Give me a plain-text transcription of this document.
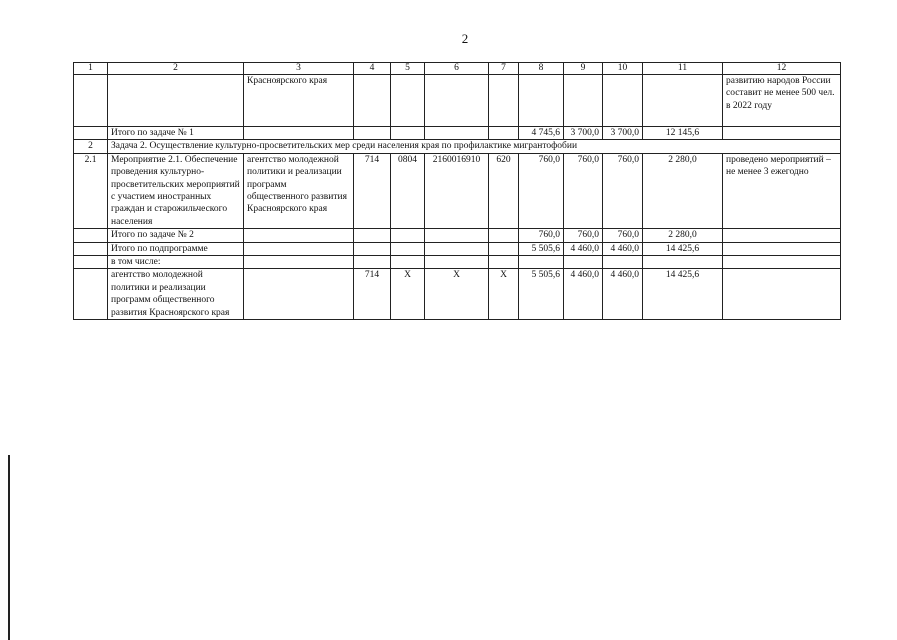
2
1	2	3	4	5	6	7	8	9	10	11	12
		Красноярского края									развитию народов России составит не менее 500 чел. в 2022 году
	Итого по задаче № 1						4 745,6	3 700,0	3 700,0	12 145,6	
2	Задача 2. Осуществление культурно-просветительских мер среди населения края по профилактике мигрантофобии										
2.1	Мероприятие 2.1. Обеспечение проведения культурно-просветительских мероприятий с участием иностранных граждан и старожильческого населения	агентство молодежной политики и реализации программ общественного развития Красноярского края	714	0804	2160016910	620	760,0	760,0	760,0	2 280,0	проведено мероприятий – не менее 3 ежегодно
	Итого по задаче № 2						760,0	760,0	760,0	2 280,0	
	Итого по подпрограмме						5 505,6	4 460,0	4 460,0	14 425,6	
	в том числе:										
	агентство молодежной политики и реализации программ общественного развития Красноярского края		714	Х	Х	Х	5 505,6	4 460,0	4 460,0	14 425,6	
